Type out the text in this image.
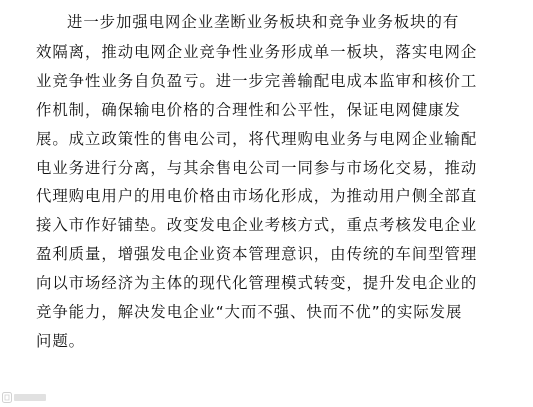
进一步加强电网企业垄断业务板块和竞争业务板块的有
效隔离，推动电网企业竞争性业务形成单一板块，落实电网企
业竞争性业务自负盈亏。进一步完善输配电成本监审和核价工
作机制，确保输电价格的合理性和公平性，保证电网健康发
展。成立政策性的售电公司，将代理购电业务与电网企业输配
电业务进行分离，与其余售电公司一同参与市场化交易，推动
代理购电用户的用电价格由市场化形成，为推动用户侧全部直
接入市作好铺垫。改变发电企业考核方式，重点考核发电企业
盈利质量，增强发电企业资本管理意识，由传统的车间型管理
向以市场经济为主体的现代化管理模式转变，提升发电企业的
竞争能力，解决发电企业“大而不强、快而不优”的实际发展
问题。
